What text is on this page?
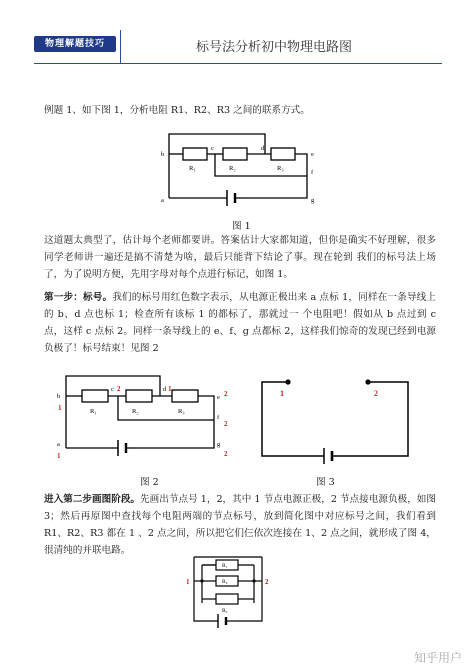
物理解题技巧	标号法分析初中物理电路图
例题 1、如下图 1，分析电阻 R1、R2、R3 之间的联系方式。
b
c	d
e
f
a	g
R₁	R₂	R₃
图 1
这道题太典型了，估计每个老师都要讲。答案估计大家都知道，但你是确实不好理解，很多同学老师讲一遍还是搞不清楚为啥，最后只能背下结论了事。现在轮到 我们的标号法上场了，为了说明方便，先用字母对每个点进行标记，如图 1。
第一步：标号。我们的标号用红色数字表示，从电源正极出来 a 点标 1，同样在一条导线上的 b、d 点也标 1；检查所有该标 1 的都标了，那就过一 个电阻吧！假如从 b 点过到 c 点，这样 c 点标 2。同样一条导线上的 e、f、g 点都标 2，这样我们惊奇的发现已经到电源负极了！标号结束！见图 2
b
c	d
e
f
a	g
R₁	R₂	R₃
1
2	1
2
2
1	2
图 2
1	2
图 3
进入第二步画图阶段。先画出节点号 1，2，其中 1 节点电源正极，2 节点接电源负极，如图 3；然后再原图中查找每个电阻两端的节点标号，放到简化图中对应标号之间，我们看到 R1、R2、R3 都在 1 、2 点之间，所以把它们仨依次连接在 1、2 点之间，就形成了图 4，很清纯的并联电路。
R₁
R₂
R₃
1	2
知乎用户
